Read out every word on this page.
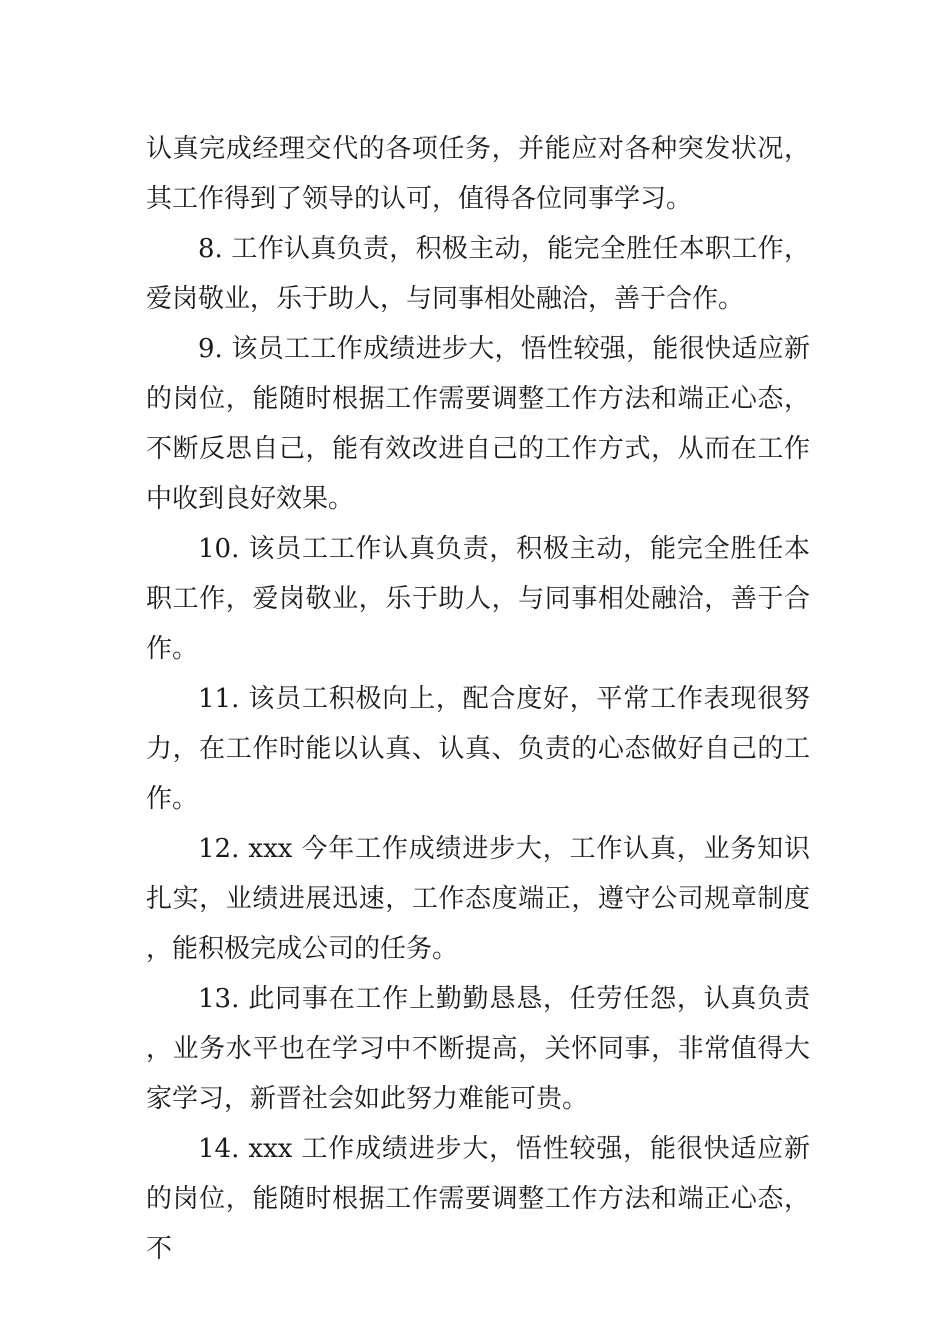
认真完成经理交代的各项任务，并能应对各种突发状况，其工作得到了领导的认可，值得各位同事学习。

8. 工作认真负责，积极主动，能完全胜任本职工作，爱岗敬业，乐于助人，与同事相处融洽，善于合作。

9. 该员工工作成绩进步大，悟性较强，能很快适应新的岗位，能随时根据工作需要调整工作方法和端正心态，不断反思自己，能有效改进自己的工作方式，从而在工作中收到良好效果。

10. 该员工工作认真负责，积极主动，能完全胜任本职工作，爱岗敬业，乐于助人，与同事相处融洽，善于合作。

11. 该员工积极向上，配合度好，平常工作表现很努力，在工作时能以认真、认真、负责的心态做好自己的工作。

12. xxx 今年工作成绩进步大，工作认真，业务知识扎实，业绩进展迅速，工作态度端正，遵守公司规章制度，能积极完成公司的任务。

13. 此同事在工作上勤勤恳恳，任劳任怨，认真负责，业务水平也在学习中不断提高，关怀同事，非常值得大家学习，新晋社会如此努力难能可贵。

14. xxx 工作成绩进步大，悟性较强，能很快适应新的岗位，能随时根据工作需要调整工作方法和端正心态，不
